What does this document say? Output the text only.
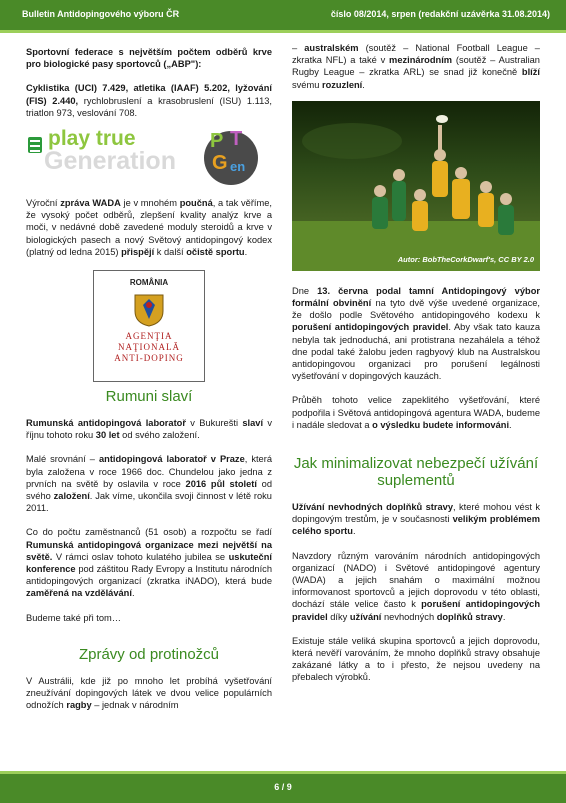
Bulletin Antidopingového výboru ČR	číslo 08/2014, srpen (redakční uzávěrka 31.08.2014)

Sportovní federace s největším počtem odběrů krve pro biologické pasy sportovců („ABP"):

Cyklistika (UCI) 7.429, atletika (IAAF) 5.202, lyžování (FIS) 2.440, rychlobruslení a krasobruslení (ISU) 1.113, triatlon 973, veslování 708.

play true
Generation
P T
G en

Výroční zpráva WADA je v mnohém poučná, a tak věříme, že vysoký počet odběrů, zlepšení kvality analýz krve a moči, v nedávné době zavedené moduly steroidů a krve v biologických pasech a nový Světový antidopingový kodex (platný od ledna 2015) přispějí k další očistě sportu.

ROMÂNIA
AGENŢIA
NAŢIONALĂ
ANTI-DOPING

Rumuni slaví

Rumunská antidopingová laboratoř v Bukurešti slaví v říjnu tohoto roku 30 let od svého založení.

Malé srovnání – antidopingová laboratoř v Praze, která byla založena v roce 1966 doc. Chundelou jako jedna z prvních na světě by oslavila v roce 2016 půl století od svého založení. Jak víme, ukončila svoji činnost v létě roku 2011.

Co do počtu zaměstnanců (51 osob) a rozpočtu se řadí Rumunská antidopingová organizace mezi největší na světě. V rámci oslav tohoto kulatého jubilea se uskuteční konference pod záštitou Rady Evropy a Institutu národních antidopingových organizací (zkratka iNADO), která bude zaměřená na vzdělávání.

Budeme také při tom…

Zprávy od protinožců

V Austrálii, kde již po mnoho let probíhá vyšetřování zneužívání dopingových látek ve dvou velice populárních odnožích ragby – jednak v národním

– australském (soutěž – National Football League – zkratka NFL) a také v mezinárodním (soutěž – Australian Rugby League – zkratka ARL) se snad již konečně blíží svému rozuzlení.

Autor: BobTheCorkDwarf's, CC BY 2.0

Dne 13. června podal tamní Antidopingový výbor formální obvinění na tyto dvě výše uvedené organizace, že došlo podle Světového antidopingového kodexu k porušení antidopingových pravidel. Aby však tato kauza nebyla tak jednoduchá, ani protistrana nezahálela a téhož dne podal také žalobu jeden ragbyový klub na Australskou antidopingovou organizaci pro porušení legálnosti vyšetřování v dopingových kauzách.

Průběh tohoto velice zapeklitého vyšetřování, které podpořila i Světová antidopingová agentura WADA, budeme i nadále sledovat a o výsledku budete informováni.

Jak minimalizovat nebezpečí užívání suplementů

Užívání nevhodných doplňků stravy, které mohou vést k dopingovým trestům, je v současnosti velikým problémem celého sportu.

Navzdory různým varováním národních antidopingových organizací (NADO) i Světové antidopingové agentury (WADA) a jejich snahám o maximální možnou informovanost sportovců a jejich doprovodu v této oblasti, dochází stále velice často k porušení antidopingových pravidel díky užívání nevhodných doplňků stravy.

Existuje stále veliká skupina sportovců a jejich doprovodu, která nevěří varováním, že mnoho doplňků stravy obsahuje zakázané látky a to i přesto, že nejsou uvedeny na přebalech výrobků.

6 / 9
